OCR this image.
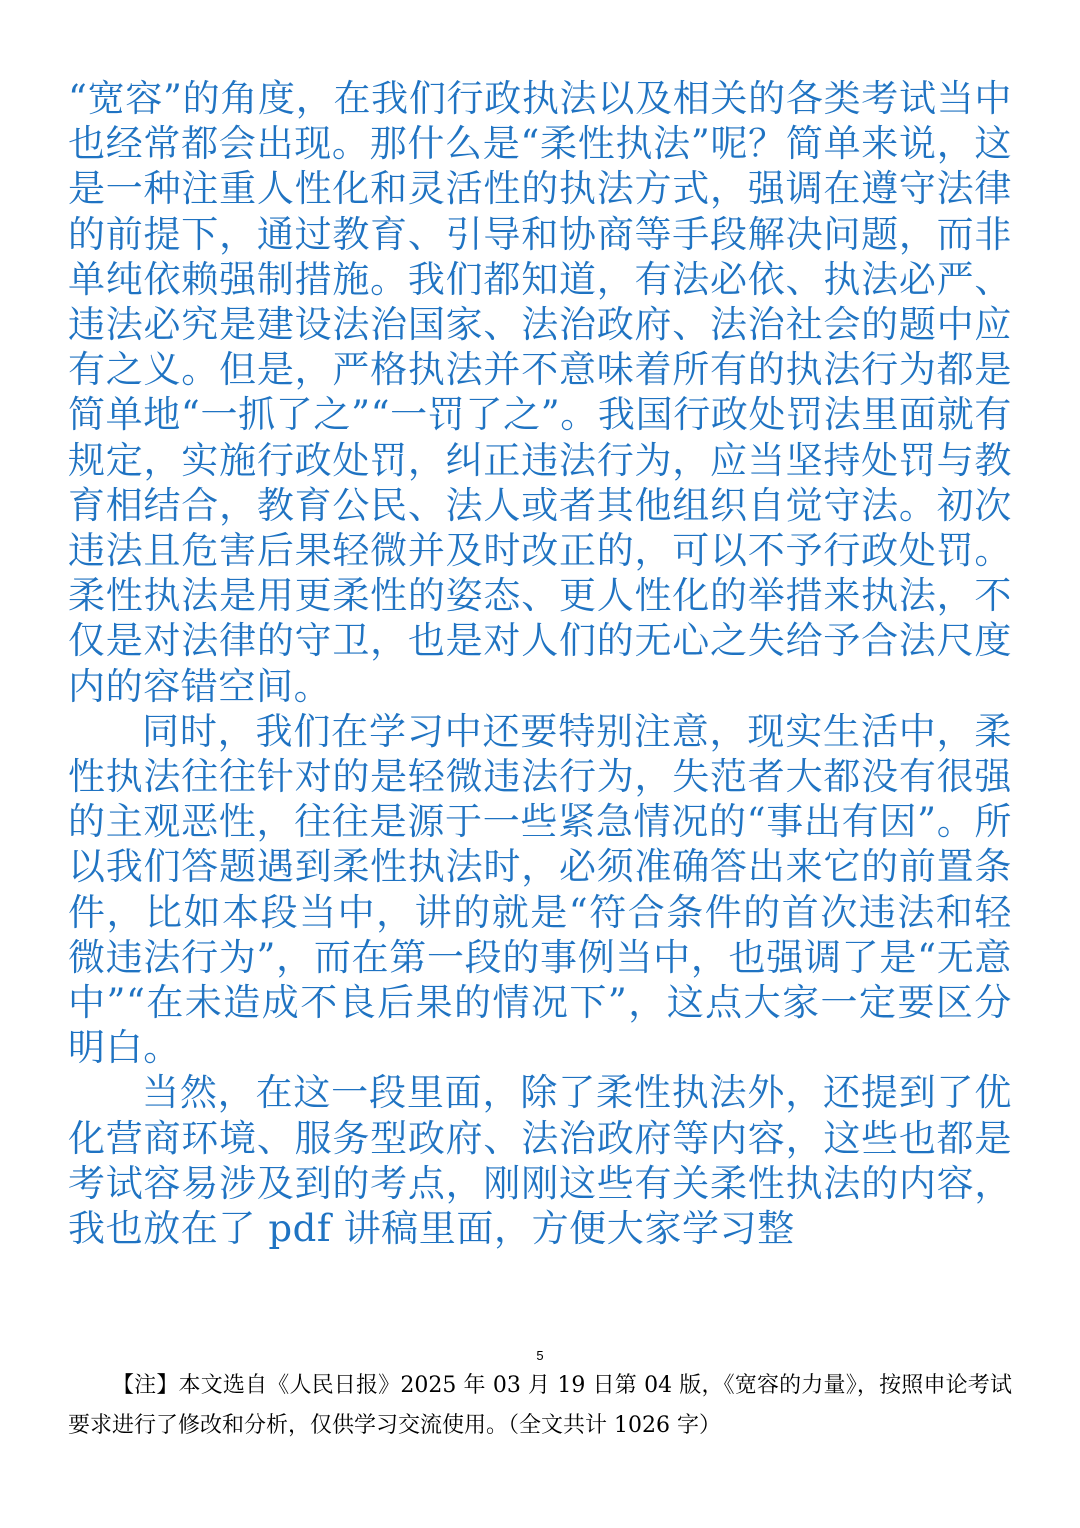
“宽容”的角度，在我们行政执法以及相关的各类考试当中也经常都会出现。那什么是“柔性执法”呢？简单来说，这是一种注重人性化和灵活性的执法方式，强调在遵守法律的前提下，通过教育、引导和协商等手段解决问题，而非单纯依赖强制措施。我们都知道，有法必依、执法必严、违法必究是建设法治国家、法治政府、法治社会的题中应有之义。但是，严格执法并不意味着所有的执法行为都是简单地“一抓了之”“一罚了之”。我国行政处罚法里面就有规定，实施行政处罚，纠正违法行为，应当坚持处罚与教育相结合，教育公民、法人或者其他组织自觉守法。初次违法且危害后果轻微并及时改正的，可以不予行政处罚。柔性执法是用更柔性的姿态、更人性化的举措来执法，不仅是对法律的守卫，也是对人们的无心之失给予合法尺度内的容错空间。

同时，我们在学习中还要特别注意，现实生活中，柔性执法往往针对的是轻微违法行为，失范者大都没有很强的主观恶性，往往是源于一些紧急情况的“事出有因”。所以我们答题遇到柔性执法时，必须准确答出来它的前置条件，比如本段当中，讲的就是“符合条件的首次违法和轻微违法行为”，而在第一段的事例当中，也强调了是“无意中”“在未造成不良后果的情况下”，这点大家一定要区分明白。

当然，在这一段里面，除了柔性执法外，还提到了优化营商环境、服务型政府、法治政府等内容，这些也都是考试容易涉及到的考点，刚刚这些有关柔性执法的内容，我也放在了 pdf 讲稿里面，方便大家学习整

5

【注】本文选自《人民日报》2025 年 03 月 19 日第 04 版，《宽容的力量》，按照申论考试要求进行了修改和分析，仅供学习交流使用。（全文共计 1026 字）
